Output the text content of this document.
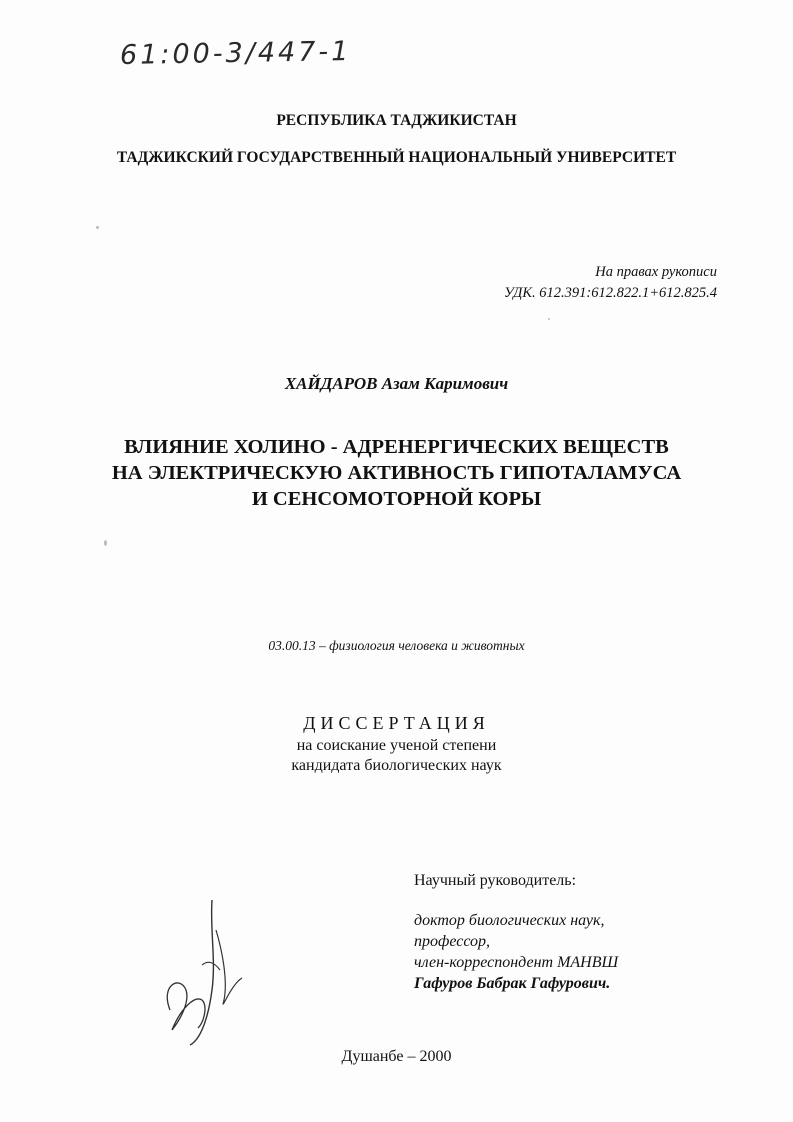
61:00-3/447-1
РЕСПУБЛИКА ТАДЖИКИСТАН
ТАДЖИКСКИЙ ГОСУДАРСТВЕННЫЙ НАЦИОНАЛЬНЫЙ УНИВЕРСИТЕТ
На правах рукописи
УДК. 612.391:612.822.1+612.825.4
ХАЙДАРОВ Азам Каримович
ВЛИЯНИЕ ХОЛИНО - АДРЕНЕРГИЧЕСКИХ ВЕЩЕСТВ
НА ЭЛЕКТРИЧЕСКУЮ АКТИВНОСТЬ ГИПОТАЛАМУСА
И СЕНСОМОТОРНОЙ КОРЫ
03.00.13 – физиология человека и животных
ДИССЕРТАЦИЯ
на соискание ученой степени
кандидата биологических наук
Научный руководитель:
доктор биологических наук,
профессор,
член-корреспондент МАНВШ
Гафуров Бабрак Гафурович.
Душанбе – 2000
